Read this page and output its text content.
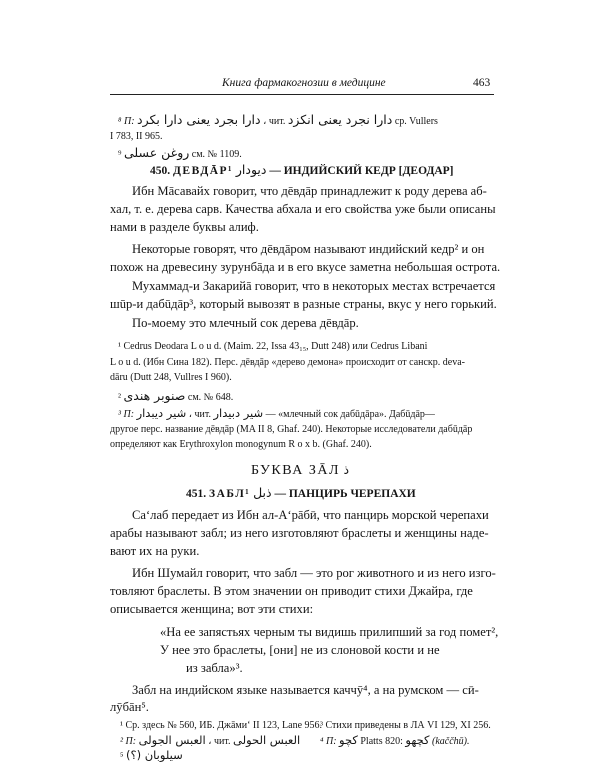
Книга фармакогнозии в медицине	463
⁸ П: دارا بجرد یعنی دارا بکرد ، чит. دارا نجرد یعنی انکزد cp. Vullers
I 783, II 965.
⁹ روغن عسلی см. № 1109.
450. ДЕВДĀР¹ دیودار — ИНДИЙСКИЙ КЕДР [ДЕОДАР]
Ибн Мāсавайх говорит, что дēвдāр принадлежит к роду дерева аб-
хал, т. е. дерева сарв. Качества абхала и его свойства уже были описаны
нами в разделе буквы алиф.
Некоторые говорят, что дēвдāром называют индийский кедр² и он
похож на древесину зурунбāда и в его вкусе заметна небольшая острота.
Мухаммад-и Закарийā говорит, что в некоторых местах встречается
шūр-и дабūдāр³, который вывозят в разные страны, вкус у него горький.
По-моему это млечный сок дерева дēвдāр.
¹ Cedrus Deodara L o u d. (Maim. 22, Issa 43₁₅, Dutt 248) или Cedrus Libani
L o u d. (Ибн Сина 182). Перс. дēвдāр «дерево демона» происходит от санскр. deva-
dāru (Dutt 248, Vullres I 960).
² صنوبر هندی см. № 648.
³ П: شیر دیبدار ، чит. شیر دبیدار — «млечный сок дабūдāра». Дабūдāр—
другое перс. название дēвдāр (MA II 8, Ghaf. 240). Некоторые исследователи дабūдāр
определяют как Erythroxylon monogynum R o x b. (Ghaf. 240).
БУКВА ЗĀЛ ذ
451. ЗАБЛ¹ ذبل — ПАНЦИРЬ ЧЕРЕПАХИ
Са‘лаб передает из Ибн ал-А‘рāбӣ, что панцирь морской черепахи
арабы называют забл; из него изготовляют браслеты и женщины наде-
вают их на руки.
Ибн Шумайл говорит, что забл — это рог животного и из него изго-
товляют браслеты. В этом значении он приводит стихи Джайра, где
описывается женщина; вот эти стихи:
«На ее запястьях черным ты видишь прилипший за год помет²,
У нее это браслеты, [они] не из слоновой кости и не
из забла»³.
Забл на индийском языке называется каччӯ⁴, а на румском — сӣ-
лӯбāн⁵.
¹ Ср. здесь № 560, ИБ. Джāмиʻ II 123, Lane 956.
² П: العبس الجولی ، чит. العبس الحولی
³ Стихи приведены в ЛА VI 129, XI 256.
⁴ П: کچو Platts 820: کچھو (kaččhū).
⁵ سیلوبان (؟)
